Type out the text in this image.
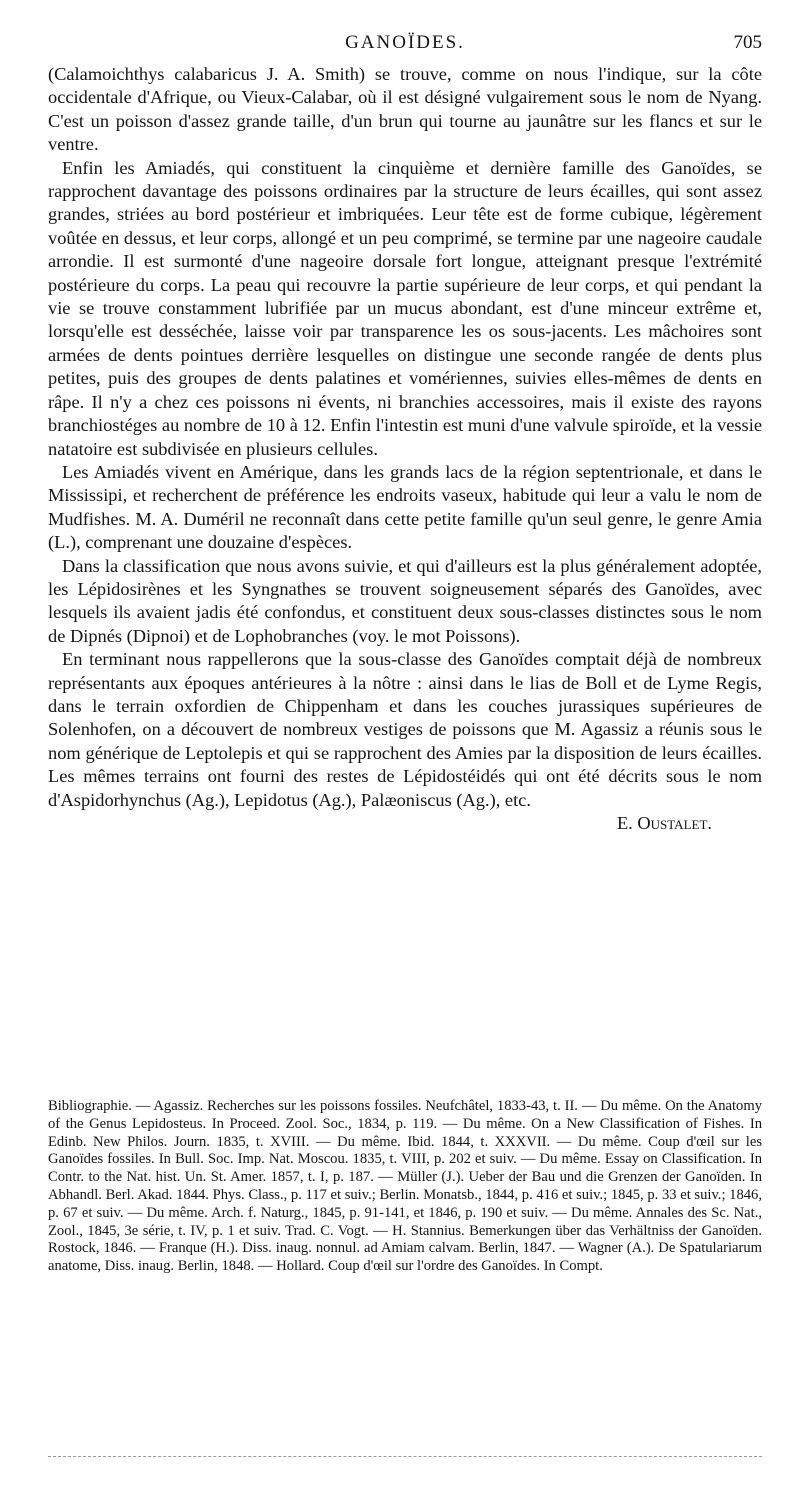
GANOÏDES.	705

(Calamoichthys calabaricus J. A. Smith) se trouve, comme on nous l'indique, sur la côte occidentale d'Afrique, ou Vieux-Calabar, où il est désigné vulgairement sous le nom de Nyang. C'est un poisson d'assez grande taille, d'un brun qui tourne au jaunâtre sur les flancs et sur le ventre.

Enfin les Amiadés, qui constituent la cinquième et dernière famille des Ganoïdes, se rapprochent davantage des poissons ordinaires par la structure de leurs écailles, qui sont assez grandes, striées au bord postérieur et imbriquées. Leur tête est de forme cubique, légèrement voûtée en dessus, et leur corps, allongé et un peu comprimé, se termine par une nageoire caudale arrondie. Il est surmonté d'une nageoire dorsale fort longue, atteignant presque l'extrémité postérieure du corps. La peau qui recouvre la partie supérieure de leur corps, et qui pendant la vie se trouve constamment lubrifiée par un mucus abondant, est d'une minceur extrême et, lorsqu'elle est desséchée, laisse voir par transparence les os sous-jacents. Les mâchoires sont armées de dents pointues derrière lesquelles on distingue une seconde rangée de dents plus petites, puis des groupes de dents palatines et vomériennes, suivies elles-mêmes de dents en râpe. Il n'y a chez ces poissons ni évents, ni branchies accessoires, mais il existe des rayons branchiostéges au nombre de 10 à 12. Enfin l'intestin est muni d'une valvule spiroïde, et la vessie natatoire est subdivisée en plusieurs cellules.

Les Amiadés vivent en Amérique, dans les grands lacs de la région septentrionale, et dans le Mississipi, et recherchent de préférence les endroits vaseux, habitude qui leur a valu le nom de Mudfishes. M. A. Duméril ne reconnaît dans cette petite famille qu'un seul genre, le genre Amia (L.), comprenant une douzaine d'espèces.

Dans la classification que nous avons suivie, et qui d'ailleurs est la plus généralement adoptée, les Lépidosirènes et les Syngnathes se trouvent soigneusement séparés des Ganoïdes, avec lesquels ils avaient jadis été confondus, et constituent deux sous-classes distinctes sous le nom de Dipnés (Dipnoi) et de Lophobranches (voy. le mot Poissons).

En terminant nous rappellerons que la sous-classe des Ganoïdes comptait déjà de nombreux représentants aux époques antérieures à la nôtre : ainsi dans le lias de Boll et de Lyme Regis, dans le terrain oxfordien de Chippenham et dans les couches jurassiques supérieures de Solenhofen, on a découvert de nombreux vestiges de poissons que M. Agassiz a réunis sous le nom générique de Leptolepis et qui se rapprochent des Amies par la disposition de leurs écailles. Les mêmes terrains ont fourni des restes de Lépidostéidés qui ont été décrits sous le nom d'Aspidorhynchus (Ag.), Lepidotus (Ag.), Palæoniscus (Ag.), etc.

E. Oustalet.

Bibliographie. — Agassiz. Recherches sur les poissons fossiles. Neufchâtel, 1833-43, t. II. — Du même. On the Anatomy of the Genus Lepidosteus. In Proceed. Zool. Soc., 1834, p. 119. — Du même. On a New Classification of Fishes. In Edinb. New Philos. Journ. 1835, t. XVIII. — Du même. Ibid. 1844, t. XXXVII. — Du même. Coup d'œil sur les Ganoïdes fossiles. In Bull. Soc. Imp. Nat. Moscou. 1835, t. VIII, p. 202 et suiv. — Du même. Essay on Classification. In Contr. to the Nat. hist. Un. St. Amer. 1857, t. I, p. 187. — Müller (J.). Ueber der Bau und die Grenzen der Ganoïden. In Abhandl. Berl. Akad. 1844. Phys. Class., p. 117 et suiv.; Berlin. Monatsb., 1844, p. 416 et suiv.; 1845, p. 33 et suiv.; 1846, p. 67 et suiv. — Du même. Arch. f. Naturg., 1845, p. 91-141, et 1846, p. 190 et suiv. — Du même. Annales des Sc. Nat., Zool., 1845, 3e série, t. IV, p. 1 et suiv. Trad. C. Vogt. — H. Stannius. Bemerkungen über das Verhältniss der Ganoïden. Rostock, 1846. — Franque (H.). Diss. inaug. nonnul. ad Amiam calvam. Berlin, 1847. — Wagner (A.). De Spatulariarum anatome, Diss. inaug. Berlin, 1848. — Hollard. Coup d'œil sur l'ordre des Ganoïdes. In Compt.
